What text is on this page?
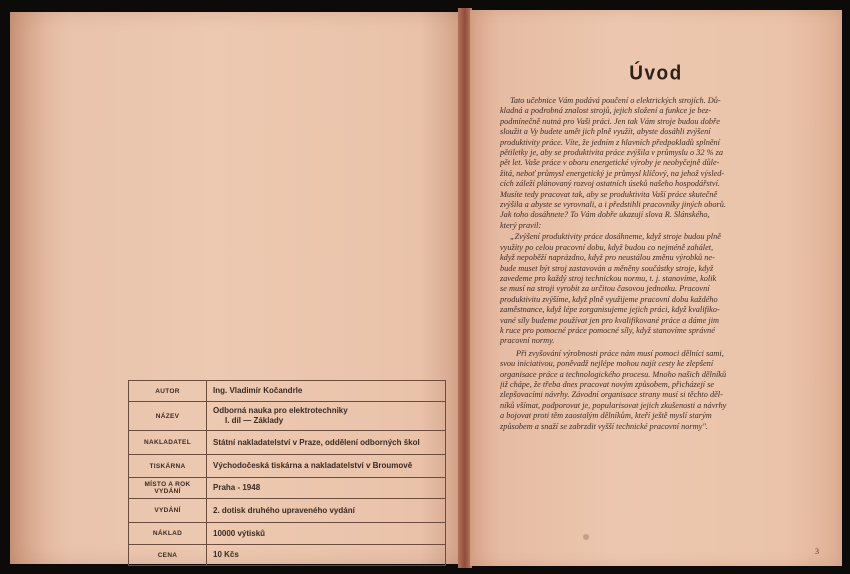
AUTOR	Ing. Vladimír Kočandrle
NÁZEV	Odborná nauka pro elektrotechniky
I. díl — Základy

NAKLADATEL	Státní nakladatelství v Praze, oddělení odborných škol
TISKÁRNA	Východočeská tiskárna a nakladatelství v Broumově
MÍSTO A ROK VYDÁNÍ	Praha - 1948
VYDÁNÍ	2. dotisk druhého upraveného vydání
NÁKLAD	10000 výtisků
CENA	10 Kčs
Úvod
Tato učebnice Vám podává poučení o elektrických strojích. Dů-
kladná a podrobná znalost strojů, jejich složení a funkce je bez-
podmínečně nutná pro Vaši práci. Jen tak Vám stroje budou dobře
sloužit a Vy budete umět jich plně využít, abyste dosáhli zvýšení
produktivity práce. Víte, že jedním z hlavních předpokladů splnění
pětiletky je, aby se produktivita práce zvýšila v průmyslu o 32 % za
pět let. Vaše práce v oboru energetické výroby je neobyčejně důle-
žitá, neboť průmysl energetický je průmysl klíčový, na jehož výsled-
cích záleží plánovaný rozvoj ostatních úseků našeho hospodářství.
Musíte tedy pracovat tak, aby se produktivita Vaší práce skutečně
zvýšila a abyste se vyrovnali, a i předstihli pracovníky jiných oborů.
Jak toho dosáhnete? To Vám dobře ukazují slova R. Slánského,
který pravil:
„Zvýšení produktivity práce dosáhneme, když stroje budou plně
využity po celou pracovní dobu, když budou co nejméně zahálet,
když nepoběží naprázdno, když pro neustálou změnu výrobků ne-
bude muset být stroj zastavován a měněny součástky stroje, když
zavedeme pro každý stroj technickou normu, t. j. stanovíme, kolik
se musí na stroji vyrobit za určitou časovou jednotku. Pracovní
produktivitu zvýšíme, když plně využijeme pracovní dobu každého
zaměstnance, když lépe zorganisujeme jejich práci, když kvalifiko-
vané síly budeme používat jen pro kvalifikované práce a dáme jim
k ruce pro pomocné práce pomocné síly, když stanovíme správné
pracovní normy.
Při zvyšování výrobnosti práce nám musí pomoci dělníci sami,
svou iniciativou, poněvadž nejlépe mohou najít cesty ke zlepšení
organisace práce a technologického procesu. Mnoho našich dělníků
již chápe, že třeba dnes pracovat novým způsobem, přicházejí se
zlepšovacími návrhy. Závodní organisace strany musí si těchto děl-
níků všímat, podporovat je, popularisovat jejich zkušenosti a návrhy
a bojovat proti těm zaostalým dělníkům, kteří ještě myslí starým
způsobem a snaží se zabrzdit vyšší technické pracovní normy".
3
